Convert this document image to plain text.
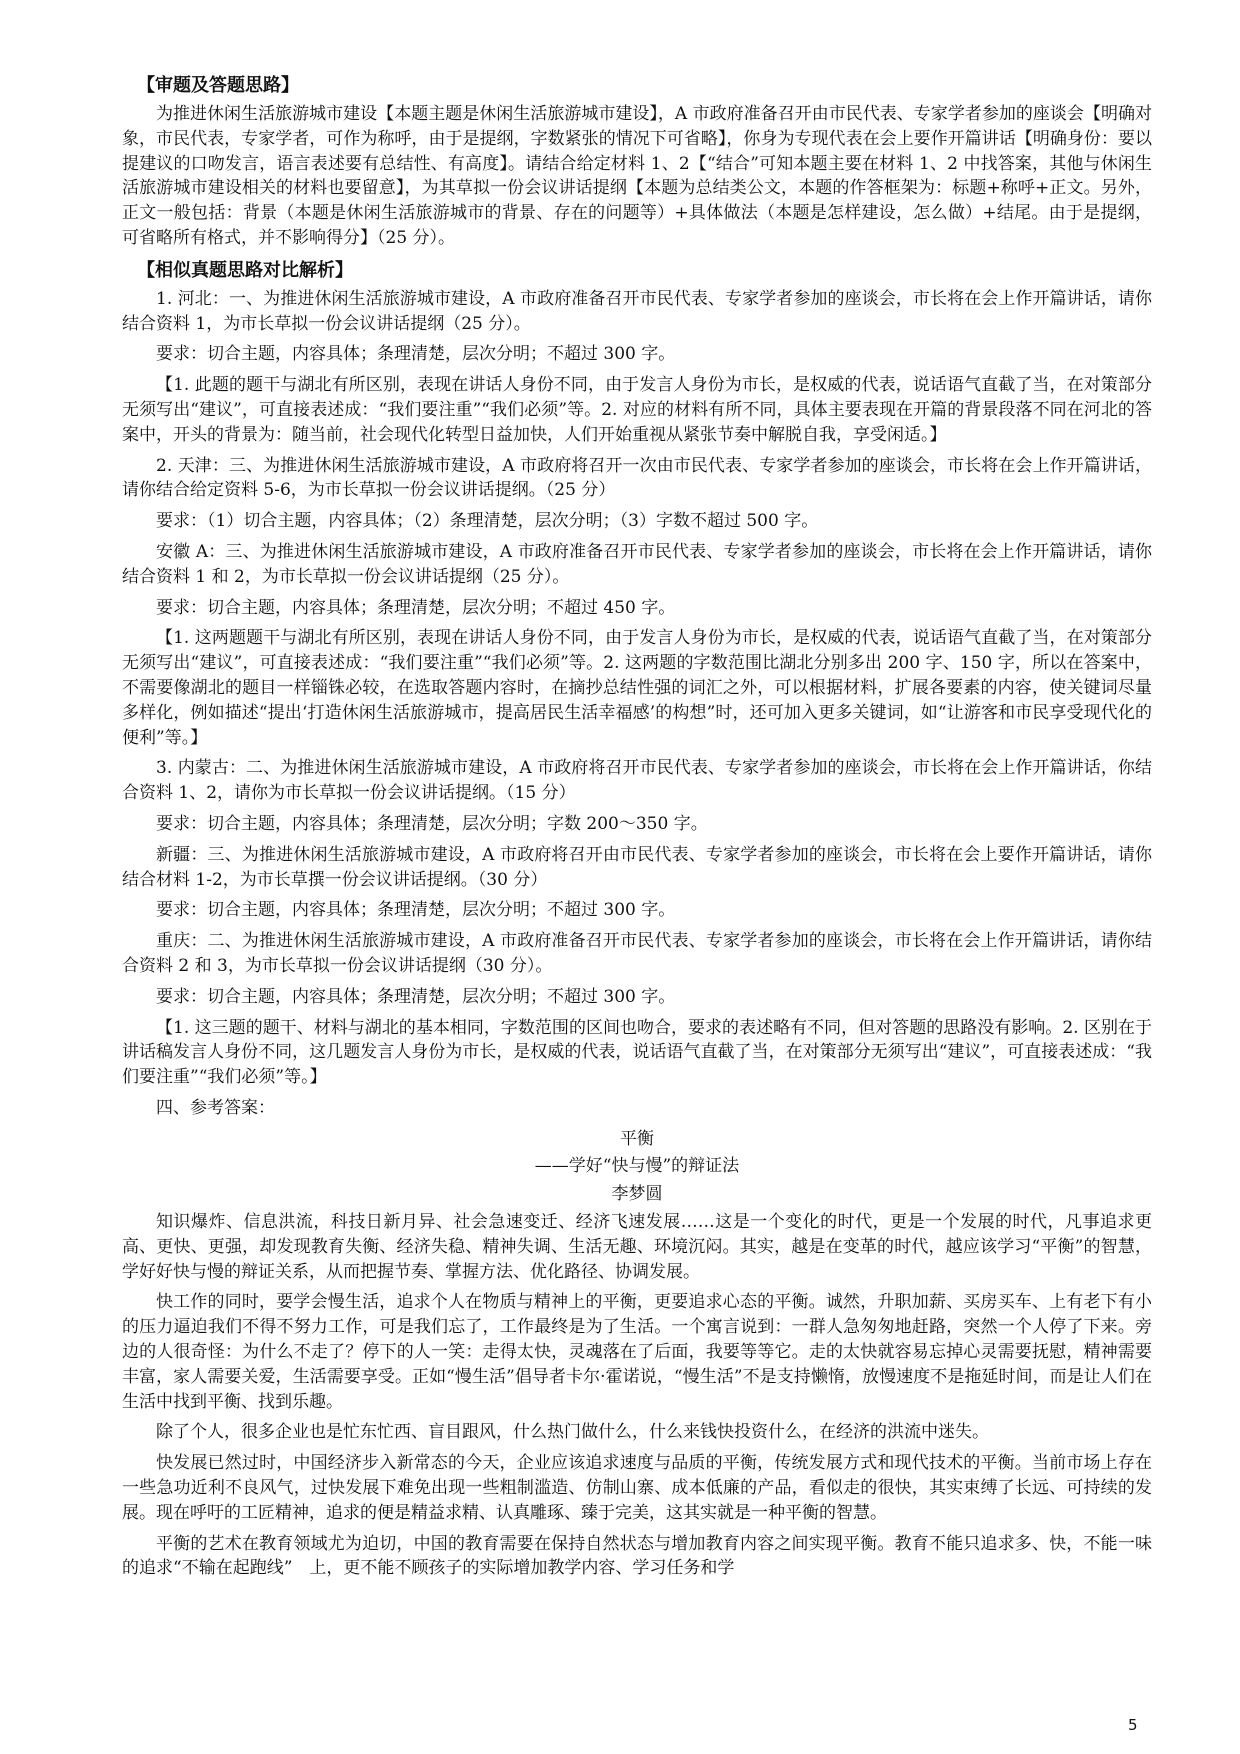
【审题及答题思路】

为推进休闲生活旅游城市建设【本题主题是休闲生活旅游城市建设】，A 市政府准备召开由市民代表、专家学者参加的座谈会【明确对象，市民代表，专家学者，可作为称呼，由于是提纲，字数紧张的情况下可省略】，你身为专现代表在会上要作开篇讲话【明确身份：要以提建议的口吻发言，语言表述要有总结性、有高度】。请结合给定材料 1、2【“结合”可知本题主要在材料 1、2 中找答案，其他与休闲生活旅游城市建设相关的材料也要留意】，为其草拟一份会议讲话提纲【本题为总结类公文，本题的作答框架为：标题+称呼+正文。另外，正文一般包括：背景（本题是休闲生活旅游城市的背景、存在的问题等）+具体做法（本题是怎样建设，怎么做）+结尾。由于是提纲，可省略所有格式，并不影响得分】（25 分）。

【相似真题思路对比解析】

1. 河北：一、为推进休闲生活旅游城市建设，A 市政府准备召开市民代表、专家学者参加的座谈会，市长将在会上作开篇讲话，请你结合资料 1，为市长草拟一份会议讲话提纲（25 分）。

要求：切合主题，内容具体；条理清楚，层次分明；不超过 300 字。

【1. 此题的题干与湖北有所区别，表现在讲话人身份不同，由于发言人身份为市长，是权威的代表，说话语气直截了当，在对策部分无须写出“建议”，可直接表述成：“我们要注重”“我们必须”等。2. 对应的材料有所不同，具体主要表现在开篇的背景段落不同在河北的答案中，开头的背景为：随当前，社会现代化转型日益加快，人们开始重视从紧张节奏中解脱自我，享受闲适。】

2. 天津：三、为推进休闲生活旅游城市建设，A 市政府将召开一次由市民代表、专家学者参加的座谈会，市长将在会上作开篇讲话，请你结合给定资料 5-6，为市长草拟一份会议讲话提纲。（25 分）

要求：（1）切合主题，内容具体；（2）条理清楚，层次分明；（3）字数不超过 500 字。

安徽 A：三、为推进休闲生活旅游城市建设，A 市政府准备召开市民代表、专家学者参加的座谈会，市长将在会上作开篇讲话，请你结合资料 1 和 2，为市长草拟一份会议讲话提纲（25 分）。

要求：切合主题，内容具体；条理清楚，层次分明；不超过 450 字。

【1. 这两题题干与湖北有所区别，表现在讲话人身份不同，由于发言人身份为市长，是权威的代表，说话语气直截了当，在对策部分无须写出“建议”，可直接表述成：“我们要注重”“我们必须”等。2. 这两题的字数范围比湖北分别多出 200 字、150 字，所以在答案中，不需要像湖北的题目一样锱铢必较，在选取答题内容时，在摘抄总结性强的词汇之外，可以根据材料，扩展各要素的内容，使关键词尽量多样化，例如描述“提出‘打造休闲生活旅游城市，提高居民生活幸福感’的构想”时，还可加入更多关键词，如“让游客和市民享受现代化的便利”等。】

3. 内蒙古：二、为推进休闲生活旅游城市建设，A 市政府将召开市民代表、专家学者参加的座谈会，市长将在会上作开篇讲话，你结合资料 1、2，请你为市长草拟一份会议讲话提纲。（15 分）

要求：切合主题，内容具体；条理清楚，层次分明；字数 200～350 字。

新疆：三、为推进休闲生活旅游城市建设，A 市政府将召开由市民代表、专家学者参加的座谈会，市长将在会上要作开篇讲话，请你结合材料 1-2，为市长草撰一份会议讲话提纲。（30 分）

要求：切合主题，内容具体；条理清楚，层次分明；不超过 300 字。

重庆：二、为推进休闲生活旅游城市建设，A 市政府准备召开市民代表、专家学者参加的座谈会，市长将在会上作开篇讲话，请你结合资料 2 和 3，为市长草拟一份会议讲话提纲（30 分）。

要求：切合主题，内容具体；条理清楚，层次分明；不超过 300 字。

【1. 这三题的题干、材料与湖北的基本相同，字数范围的区间也吻合，要求的表述略有不同，但对答题的思路没有影响。2. 区别在于讲话稿发言人身份不同，这几题发言人身份为市长，是权威的代表，说话语气直截了当，在对策部分无须写出“建议”，可直接表述成：“我们要注重”“我们必须”等。】

四、参考答案：

平衡

——学好“快与慢”的辩证法

李梦圆

知识爆炸、信息洪流，科技日新月异、社会急速变迁、经济飞速发展……这是一个变化的时代，更是一个发展的时代，凡事追求更高、更快、更强，却发现教育失衡、经济失稳、精神失调、生活无趣、环境沉闷。其实，越是在变革的时代，越应该学习“平衡”的智慧，学好好快与慢的辩证关系，从而把握节奏、掌握方法、优化路径、协调发展。

快工作的同时，要学会慢生活，追求个人在物质与精神上的平衡，更要追求心态的平衡。诚然，升职加薪、买房买车、上有老下有小的压力逼迫我们不得不努力工作，可是我们忘了，工作最终是为了生活。一个寓言说到：一群人急匆匆地赶路，突然一个人停了下来。旁边的人很奇怪：为什么不走了？停下的人一笑：走得太快，灵魂落在了后面，我要等等它。走的太快就容易忘掉心灵需要抚慰，精神需要丰富，家人需要关爱，生活需要享受。正如“慢生活”倡导者卡尔·霍诺说，“慢生活”不是支持懒惰，放慢速度不是拖延时间，而是让人们在生活中找到平衡、找到乐趣。

除了个人，很多企业也是忙东忙西、盲目跟风，什么热门做什么，什么来钱快投资什么，在经济的洪流中迷失。

快发展已然过时，中国经济步入新常态的今天，企业应该追求速度与品质的平衡，传统发展方式和现代技术的平衡。当前市场上存在一些急功近利不良风气，过快发展下难免出现一些粗制滥造、仿制山寨、成本低廉的产品，看似走的很快，其实束缚了长远、可持续的发展。现在呼吁的工匠精神，追求的便是精益求精、认真雕琢、臻于完美，这其实就是一种平衡的智慧。

平衡的艺术在教育领域尤为迫切，中国的教育需要在保持自然状态与增加教育内容之间实现平衡。教育不能只追求多、快，不能一味的追求“不输在起跑线”　上，更不能不顾孩子的实际增加教学内容、学习任务和学

5
